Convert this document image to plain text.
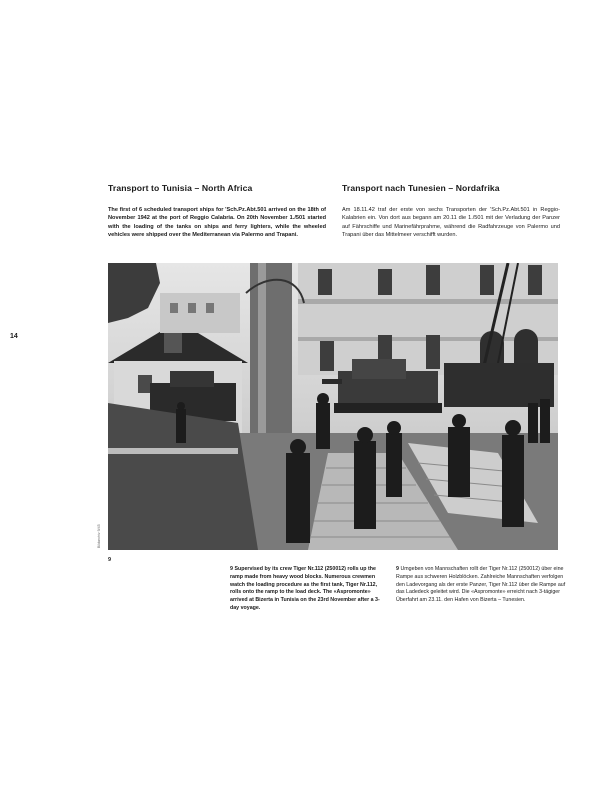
14
Transport to Tunisia – North Africa	Transport nach Tunesien – Nordafrika
The first of 6 scheduled transport ships for 'Sch.Pz.Abt.501 arrived on the 18th of November 1942 at the port of Reggio Calabria. On 20th November 1./501 started with the loading of the tanks on ships and ferry lighters, while the wheeled vehicles were shipped over the Mediterranean via Palermo and Trapani.
Am 18.11.42 traf der erste von sechs Transporten der 'Sch.Pz.Abt.501 in Reggio-Kalabrien ein. Von dort aus begann am 20.11 die 1./501 mit der Verladung der Panzer auf Fährschiffe und Marinefährprahme, während die Radfahrzeuge von Palermo und Trapani über das Mittelmeer verschifft wurden.
Bildarchiv 9/45
9
9 Supervised by its crew Tiger Nr.112 (250012) rolls up the ramp made from heavy wood blocks. Numerous crewmen watch the loading procedure as the first tank, Tiger Nr.112, rolls onto the ramp to the load deck. The «Aspromonte» arrived at Bizerta in Tunisia on the 23rd November after a 3-day voyage.
9 Umgeben von Mannschaften rollt der Tiger Nr.112 (250012) über eine Rampe aus schweren Holzblöcken. Zahlreiche Mannschaften verfolgen den Ladevorgang als der erste Panzer, Tiger Nr.112 über die Rampe auf das Ladedeck geleitet wird. Die «Aspromonte» erreicht nach 3-tägiger Überfahrt am 23.11. den Hafen von Bizerta – Tunesien.
